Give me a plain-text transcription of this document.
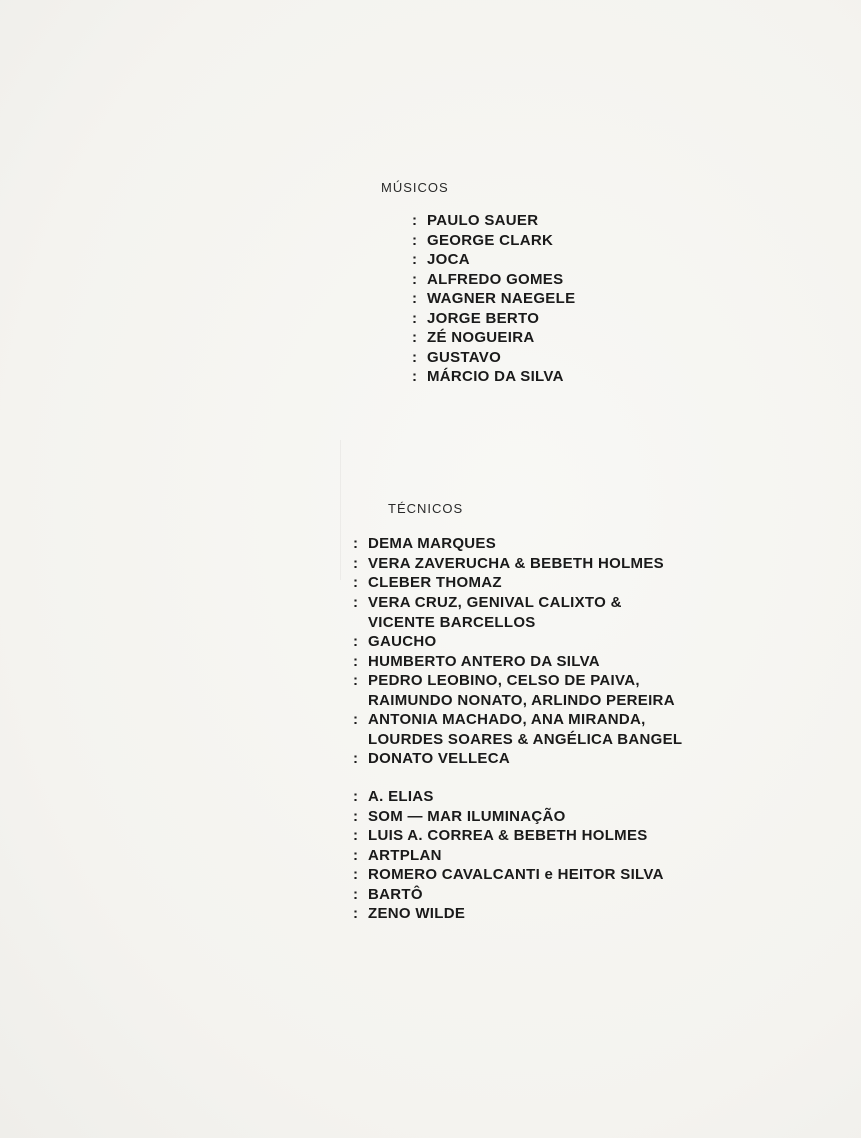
MÚSICOS
: PAULO SAUER
: GEORGE CLARK
: JOCA
: ALFREDO GOMES
: WAGNER NAEGELE
: JORGE BERTO
: ZÉ NOGUEIRA
: GUSTAVO
: MÁRCIO DA SILVA
TÉCNICOS
: DEMA MARQUES
: VERA ZAVERUCHA & BEBETH HOLMES
: CLEBER THOMAZ
: VERA CRUZ, GENIVAL CALIXTO &
VICENTE BARCELLOS
: GAUCHO
: HUMBERTO ANTERO DA SILVA
: PEDRO LEOBINO, CELSO DE PAIVA,
RAIMUNDO NONATO, ARLINDO PEREIRA
: ANTONIA MACHADO, ANA MIRANDA,
LOURDES SOARES & ANGÉLICA BANGEL
: DONATO VELLECA
: A. ELIAS
: SOM — MAR ILUMINAÇÃO
: LUIS A. CORREA & BEBETH HOLMES
: ARTPLAN
: ROMERO CAVALCANTI e HEITOR SILVA
: BARTÔ
: ZENO WILDE
